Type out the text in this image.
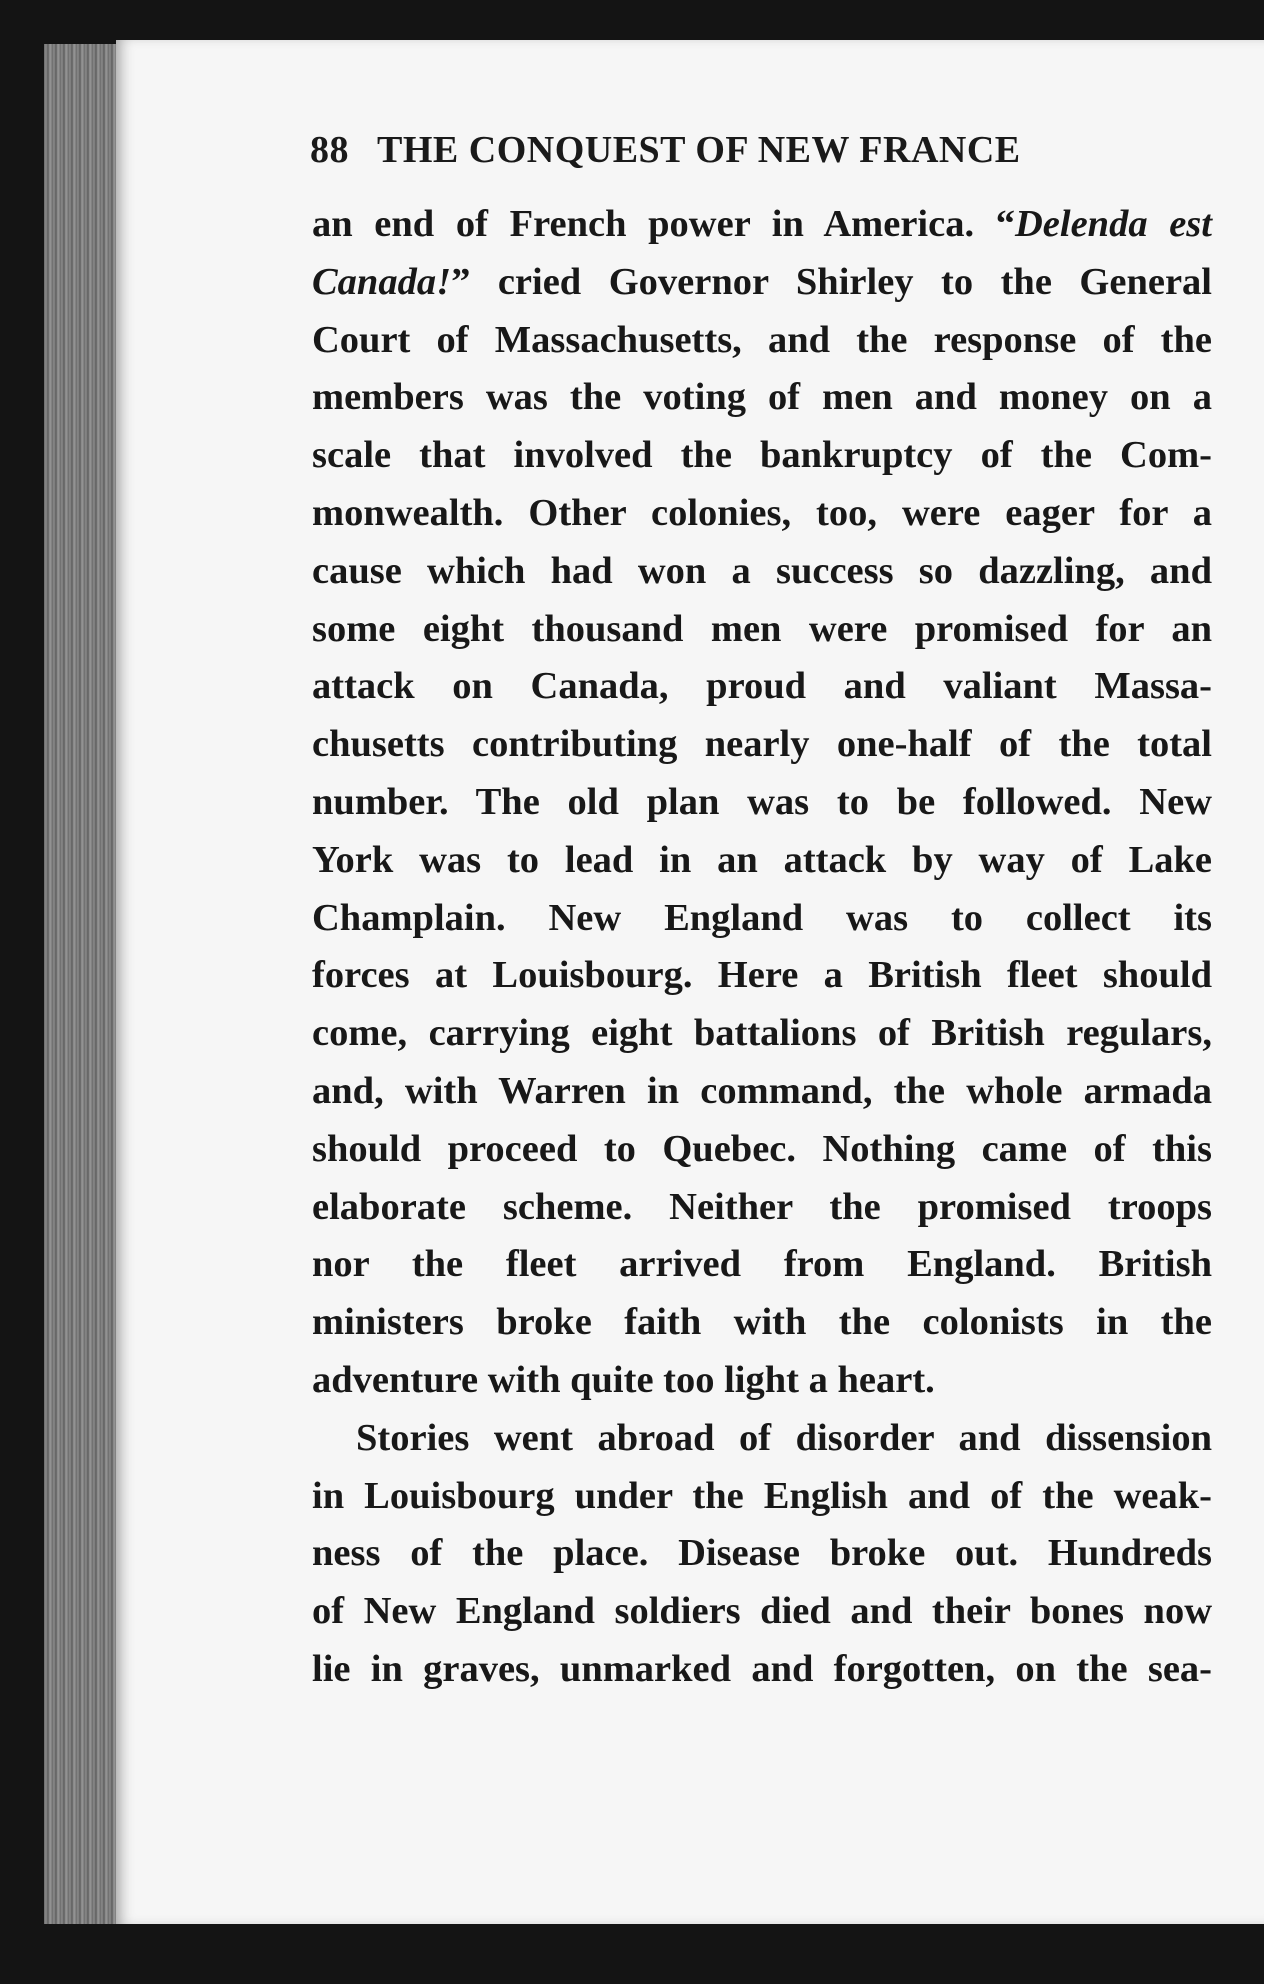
88 THE CONQUEST OF NEW FRANCE
an end of French power in America. “Delenda est
Canada!” cried Governor Shirley to the General
Court of Massachusetts, and the response of the
members was the voting of men and money on a
scale that involved the bankruptcy of the Com-
monwealth. Other colonies, too, were eager for a
cause which had won a success so dazzling, and
some eight thousand men were promised for an
attack on Canada, proud and valiant Massa-
chusetts contributing nearly one-half of the total
number. The old plan was to be followed. New
York was to lead in an attack by way of Lake
Champlain. New England was to collect its
forces at Louisbourg. Here a British fleet should
come, carrying eight battalions of British regulars,
and, with Warren in command, the whole armada
should proceed to Quebec. Nothing came of this
elaborate scheme. Neither the promised troops
nor the fleet arrived from England. British
ministers broke faith with the colonists in the
adventure with quite too light a heart.
Stories went abroad of disorder and dissension
in Louisbourg under the English and of the weak-
ness of the place. Disease broke out. Hundreds
of New England soldiers died and their bones now
lie in graves, unmarked and forgotten, on the sea-
